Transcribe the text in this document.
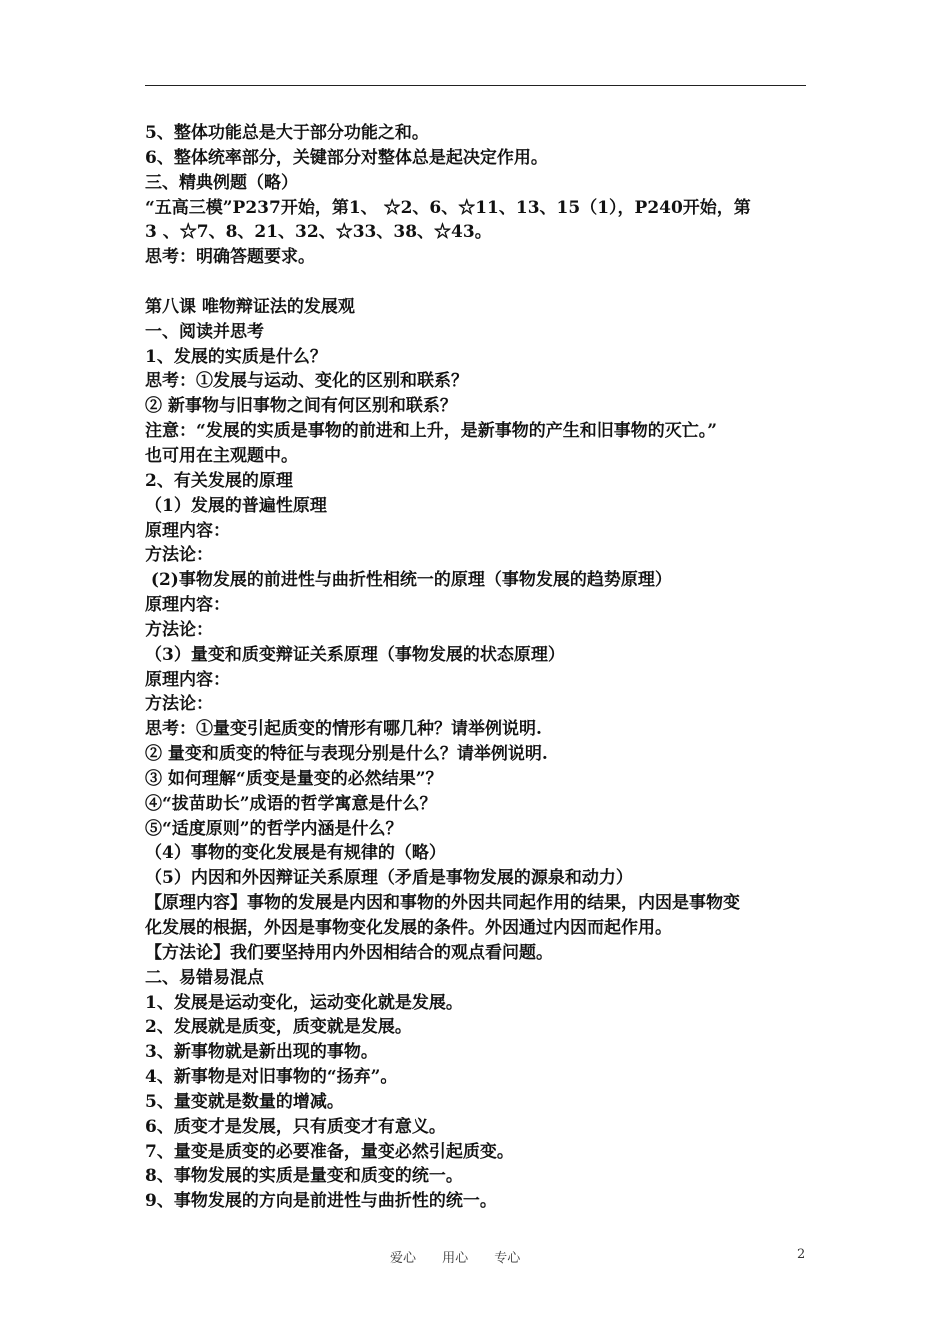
5、整体功能总是大于部分功能之和。
6、整体统率部分，关键部分对整体总是起决定作用。
三、精典例题（略）
“五高三模”P237开始，第1、 ☆2、6、☆11、13、15（1），P240开始，第
3 、☆7、8、21、32、☆33、38、☆43。
思考：明确答题要求。
第八课 唯物辩证法的发展观
一、阅读并思考
1、发展的实质是什么？
思考：①发展与运动、变化的区别和联系？
② 新事物与旧事物之间有何区别和联系？
注意：“发展的实质是事物的前进和上升，是新事物的产生和旧事物的灭亡。”
也可用在主观题中。
2、有关发展的原理
（1）发展的普遍性原理
原理内容：
方法论：
(2)事物发展的前进性与曲折性相统一的原理（事物发展的趋势原理）
原理内容：
方法论：
（3）量变和质变辩证关系原理（事物发展的状态原理）
原理内容：
方法论：
思考：①量变引起质变的情形有哪几种？请举例说明.
② 量变和质变的特征与表现分别是什么？请举例说明.
③ 如何理解“质变是量变的必然结果”？
④“拔苗助长”成语的哲学寓意是什么？
⑤“适度原则”的哲学内涵是什么？
（4）事物的变化发展是有规律的（略）
（5）内因和外因辩证关系原理（矛盾是事物发展的源泉和动力）
【原理内容】事物的发展是内因和事物的外因共同起作用的结果，内因是事物变
化发展的根据，外因是事物变化发展的条件。外因通过内因而起作用。
【方法论】我们要坚持用内外因相结合的观点看问题。
二、易错易混点
1、发展是运动变化，运动变化就是发展。
2、发展就是质变，质变就是发展。
3、新事物就是新出现的事物。
4、新事物是对旧事物的“扬弃”。
5、量变就是数量的增减。
6、质变才是发展，只有质变才有意义。
7、量变是质变的必要准备，量变必然引起质变。
8、事物发展的实质是量变和质变的统一。
9、事物发展的方向是前进性与曲折性的统一。
爱心 用心 专心	2
